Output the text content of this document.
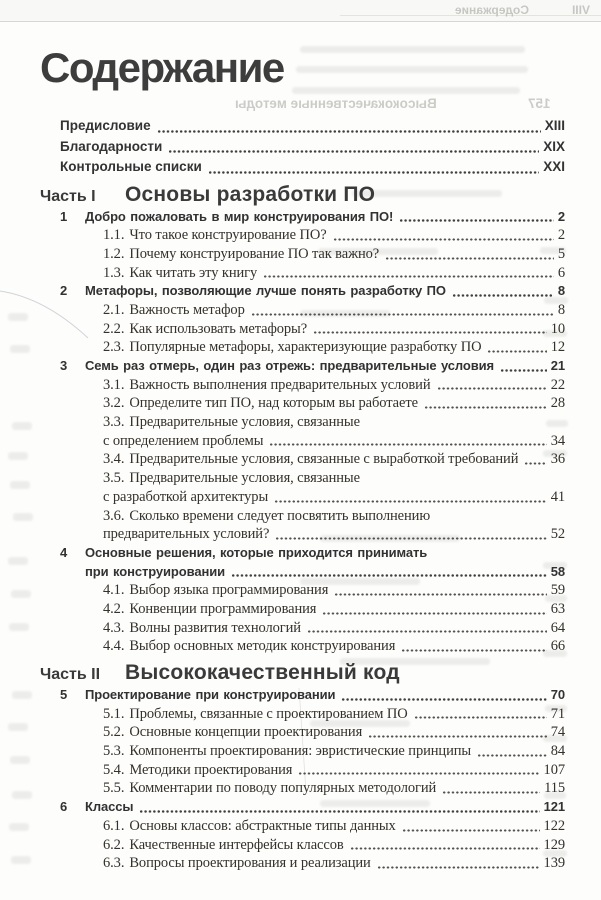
Содержание	VIII
Высококачественные методы	157
Содержание
Предисловие	XIII
Благодарности	XIX
Контрольные списки	XXI
Часть I	Основы разработки ПО
1	Добро пожаловать в мир конструирования ПО!	2
1.1. Что такое конструирование ПО?	2
1.2. Почему конструирование ПО так важно?	5
1.3. Как читать эту книгу	6
2	Метафоры, позволяющие лучше понять разработку ПО	8
2.1. Важность метафор	8
2.2. Как использовать метафоры?	10
2.3. Популярные метафоры, характеризующие разработку ПО	12
3	Семь раз отмерь, один раз отрежь: предварительные условия	21
3.1. Важность выполнения предварительных условий	22
3.2. Определите тип ПО, над которым вы работаете	28
3.3. Предварительные условия, связанные
с определением проблемы	34
3.4. Предварительные условия, связанные с выработкой требований 36
3.5. Предварительные условия, связанные
с разработкой архитектуры	41
3.6. Сколько времени следует посвятить выполнению
предварительных условий?	52
4	Основные решения, которые приходится принимать
при конструировании	58
4.1. Выбор языка программирования	59
4.2. Конвенции программирования	63
4.3. Волны развития технологий	64
4.4. Выбор основных методик конструирования	66
Часть II	Высококачественный код
5	Проектирование при конструировании	70
5.1. Проблемы, связанные с проектированием ПО	71
5.2. Основные концепции проектирования	74
5.3. Компоненты проектирования: эвристические принципы	84
5.4. Методики проектирования	107
5.5. Комментарии по поводу популярных методологий	115
6	Классы	121
6.1. Основы классов: абстрактные типы данных	122
6.2. Качественные интерфейсы классов	129
6.3. Вопросы проектирования и реализации	139
